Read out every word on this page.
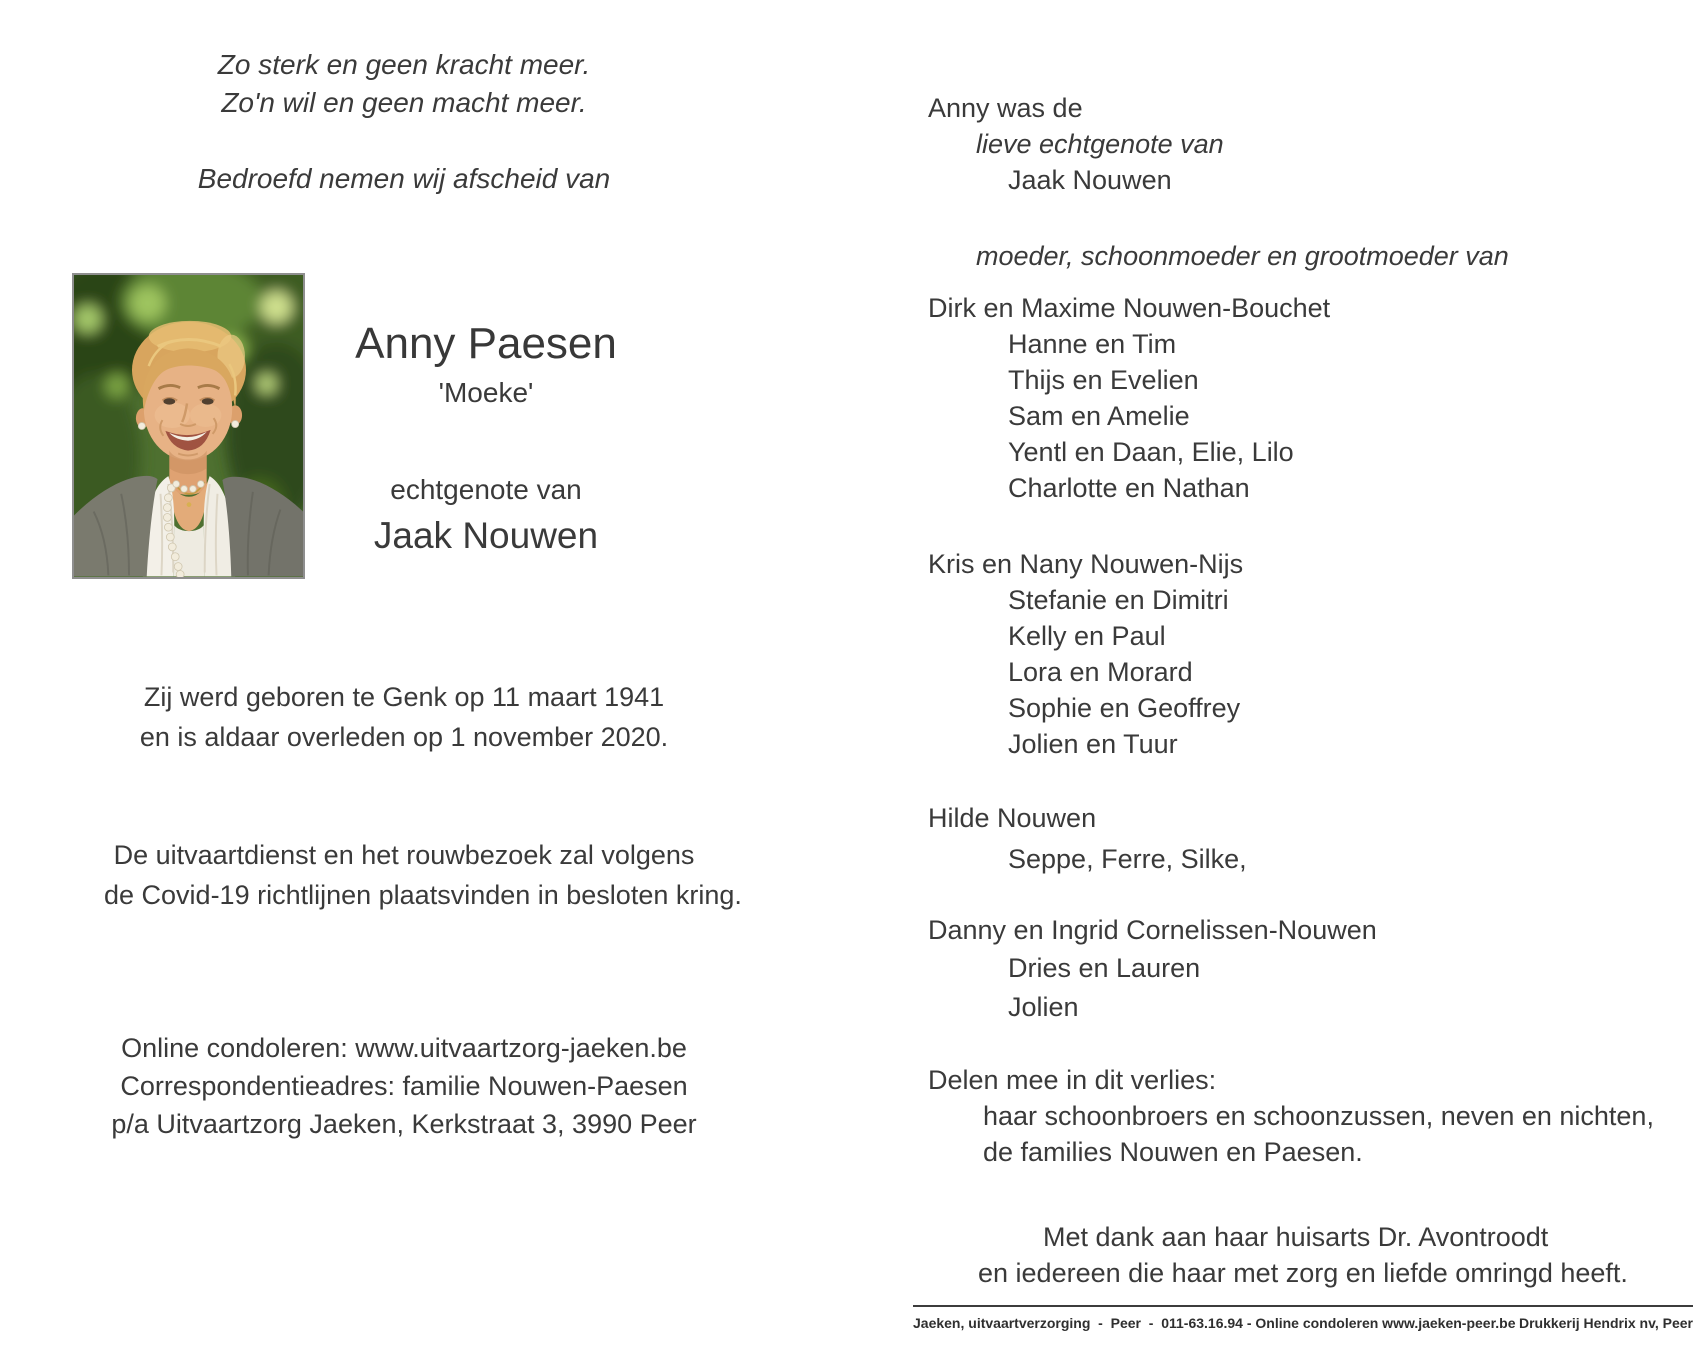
Zo sterk en geen kracht meer.
Zo'n wil en geen macht meer.
Bedroefd nemen wij afscheid van
Anny Paesen
'Moeke'
echtgenote van
Jaak Nouwen
Zij werd geboren te Genk op 11 maart 1941
en is aldaar overleden op 1 november 2020.
De uitvaartdienst en het rouwbezoek zal volgens
de Covid-19 richtlijnen plaatsvinden in besloten kring.
Online condoleren: www.uitvaartzorg-jaeken.be
Correspondentieadres: familie Nouwen-Paesen
p/a Uitvaartzorg Jaeken, Kerkstraat 3, 3990 Peer
Anny was de
lieve echtgenote van
Jaak Nouwen
moeder, schoonmoeder en grootmoeder van
Dirk en Maxime Nouwen-Bouchet
Hanne en Tim
Thijs en Evelien
Sam en Amelie
Yentl en Daan, Elie, Lilo
Charlotte en Nathan
Kris en Nany Nouwen-Nijs
Stefanie en Dimitri
Kelly en Paul
Lora en Morard
Sophie en Geoffrey
Jolien en Tuur
Hilde Nouwen
Seppe, Ferre, Silke,
Danny en Ingrid Cornelissen-Nouwen
Dries en Lauren
Jolien
Delen mee in dit verlies:
haar schoonbroers en schoonzussen, neven en nichten,
de families Nouwen en Paesen.
Met dank aan haar huisarts Dr. Avontroodt
en iedereen die haar met zorg en liefde omringd heeft.
Jaeken, uitvaartverzorging  -  Peer  -  011-63.16.94 - Online condoleren www.jaeken-peer.be Drukkerij Hendrix nv, Peer
